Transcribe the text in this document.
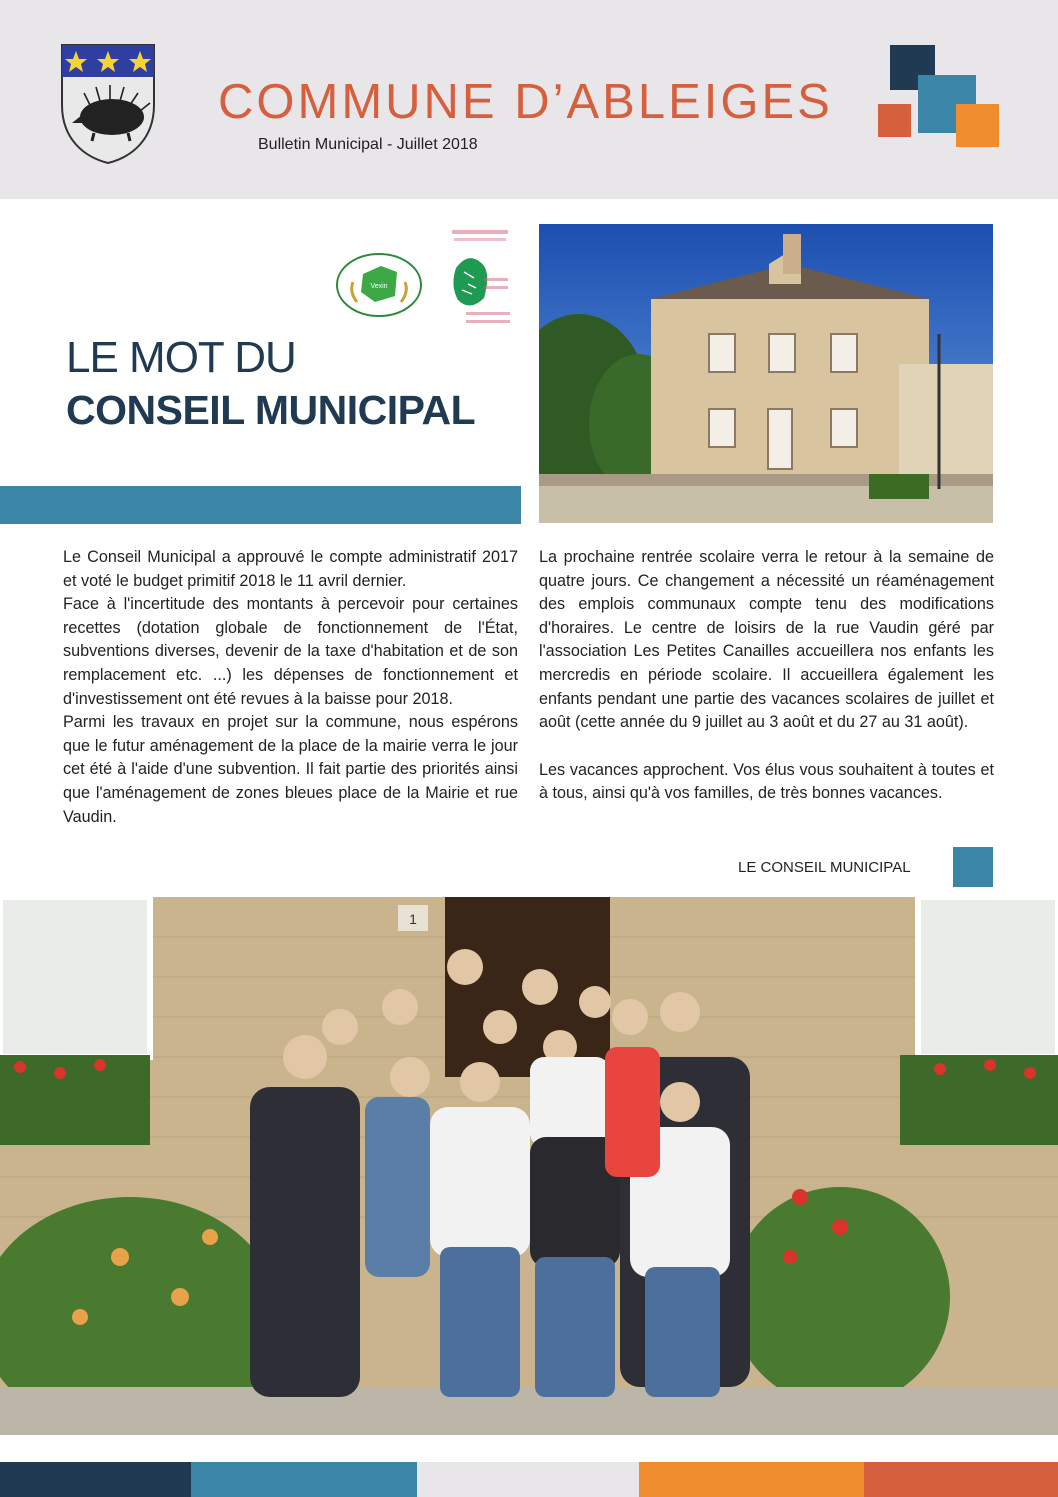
COMMUNE D’ABLEIGES
Bulletin Municipal - Juillet 2018
Vexin
LE MOT DU
CONSEIL MUNICIPAL

Le Conseil Municipal a approuvé le compte administratif 2017 et voté le budget primitif 2018 le 11 avril dernier.

Face à l'incertitude des montants à percevoir pour certaines recettes (dotation globale de fonctionnement de l'État, subventions diverses, devenir de la taxe d'habitation et de son remplacement etc. ...) les dépenses de fonctionnement et d'investissement ont été revues à la baisse pour 2018.

Parmi les travaux en projet sur la commune, nous espérons que le futur aménagement de la place de la mairie verra le jour cet été à l'aide d'une subvention. Il fait partie des priorités ainsi que l'aménagement de zones bleues place de la Mairie et rue Vaudin.

La prochaine rentrée scolaire verra le retour à la semaine de quatre jours. Ce changement a nécessité un réaménagement des emplois communaux compte tenu des modifications d'horaires. Le centre de loisirs de la rue Vaudin géré par l'association Les Petites Canailles accueillera nos enfants les mercredis en période scolaire. Il accueillera également les enfants pendant une partie des vacances scolaires de juillet et août (cette année du 9 juillet au 3 août et du 27 au 31 août).

Les vacances approchent. Vos élus vous souhaitent à toutes et à tous, ainsi qu'à vos familles, de très bonnes vacances.

LE CONSEIL MUNICIPAL
1
